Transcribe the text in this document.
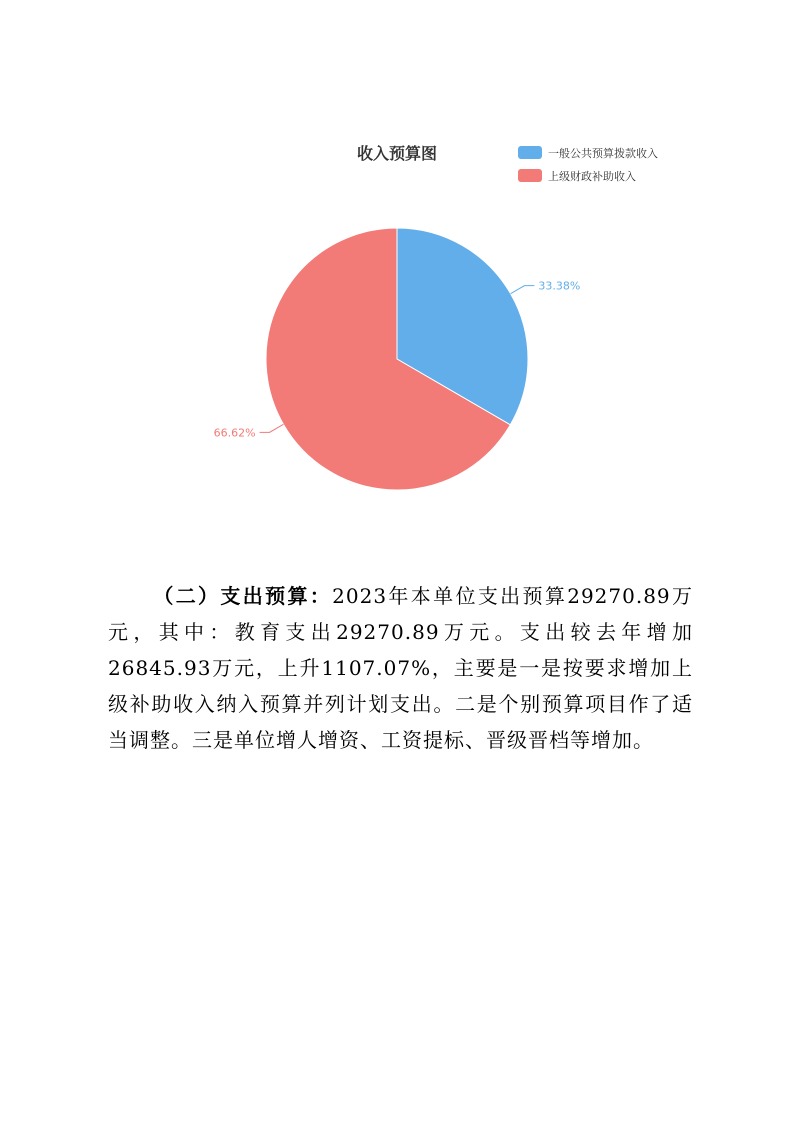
收入预算图	一般公共预算拨款收入
上级财政补助收入
33.38%
66.62%
（二）支出预算：2023年本单位支出预算29270.89万元，其中：教育支出29270.89万元。支出较去年增加26845.93万元，上升1107.07%，主要是一是按要求增加上级补助收入纳入预算并列计划支出。二是个别预算项目作了适当调整。三是单位增人增资、工资提标、晋级晋档等增加。
